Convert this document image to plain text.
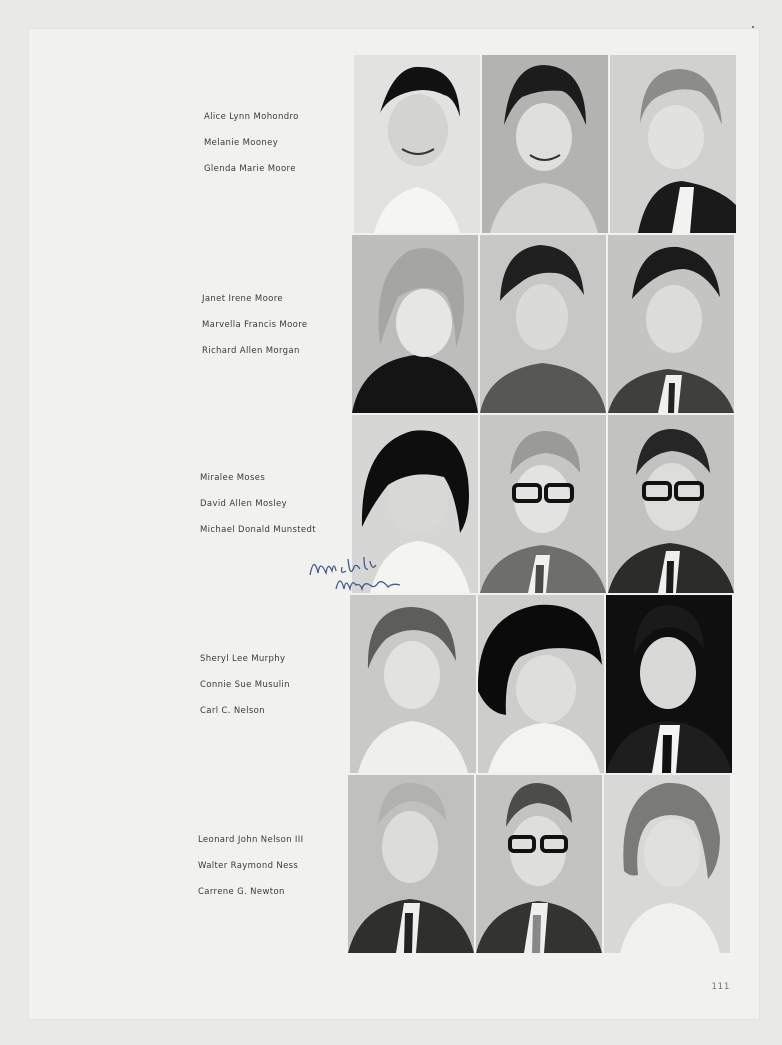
Alice Lynn Mohondro
Melanie Mooney
Glenda Marie Moore
Janet Irene Moore
Marvella Francis Moore
Richard Allen Morgan
Miralee Moses
David Allen Mosley
Michael Donald Munstedt
Sheryl Lee Murphy
Connie Sue Musulin
Carl C. Nelson
Leonard John Nelson III
Walter Raymond Ness
Carrene G. Newton
111
